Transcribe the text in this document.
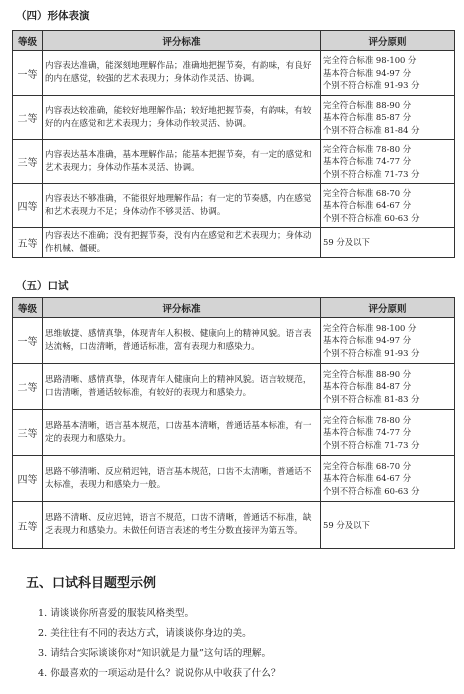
（四）形体表演
等级	评分标准	评分原则
一等	内容表达准确，能深刻地理解作品；准确地把握节奏，有韵味，有良好的内在感觉，较强的艺术表现力；身体动作灵活、协调。	完全符合标准 98-100 分
基本符合标准 94-97 分
个别不符合标准 91-93 分

二等	内容表达较准确，能较好地理解作品；较好地把握节奏，有韵味，有较好的内在感觉和艺术表现力；身体动作较灵活、协调。	完全符合标准 88-90 分
基本符合标准 85-87 分
个别不符合标准 81-84 分

三等	内容表达基本准确，基本理解作品；能基本把握节奏，有一定的感觉和艺术表现力；身体动作基本灵活、协调。	完全符合标准 78-80 分
基本符合标准 74-77 分
个别不符合标准 71-73 分

四等	内容表达不够准确，不能很好地理解作品；有一定的节奏感，内在感觉和艺术表现力不足；身体动作不够灵活、协调。	完全符合标准 68-70 分
基本符合标准 64-67 分
个别不符合标准 60-63 分

五等	内容表达不准确；没有把握节奏，没有内在感觉和艺术表现力；身体动作机械、僵硬。	59 分及以下
（五）口试
等级	评分标准	评分原则
一等	思维敏捷、感情真挚，体现青年人积极、健康向上的精神风貌。语言表达流畅，口齿清晰，普通话标准，富有表现力和感染力。	完全符合标准 98-100 分
基本符合标准 94-97 分
个别不符合标准 91-93 分

二等	思路清晰、感情真挚，体现青年人健康向上的精神风貌。语言较规范，口齿清晰，普通话较标准，有较好的表现力和感染力。	完全符合标准 88-90 分
基本符合标准 84-87 分
个别不符合标准 81-83 分

三等	思路基本清晰，语言基本规范，口齿基本清晰，普通话基本标准，有一定的表现力和感染力。	完全符合标准 78-80 分
基本符合标准 74-77 分
个别不符合标准 71-73 分

四等	思路不够清晰、反应稍迟钝，语言基本规范，口齿不太清晰，普通话不太标准，表现力和感染力一般。	完全符合标准 68-70 分
基本符合标准 64-67 分
个别不符合标准 60-63 分

五等	思路不清晰、反应迟钝，语言不规范，口齿不清晰，普通话不标准，缺乏表现力和感染力。未做任何语言表述的考生分数直接评为第五等。	59 分及以下
五、口试科目题型示例
1. 请谈谈你所喜爱的服装风格类型。
2. 美往往有不同的表达方式，请谈谈你身边的美。
3. 请结合实际谈谈你对“知识就是力量”这句话的理解。
4. 你最喜欢的一项运动是什么？说说你从中收获了什么？
